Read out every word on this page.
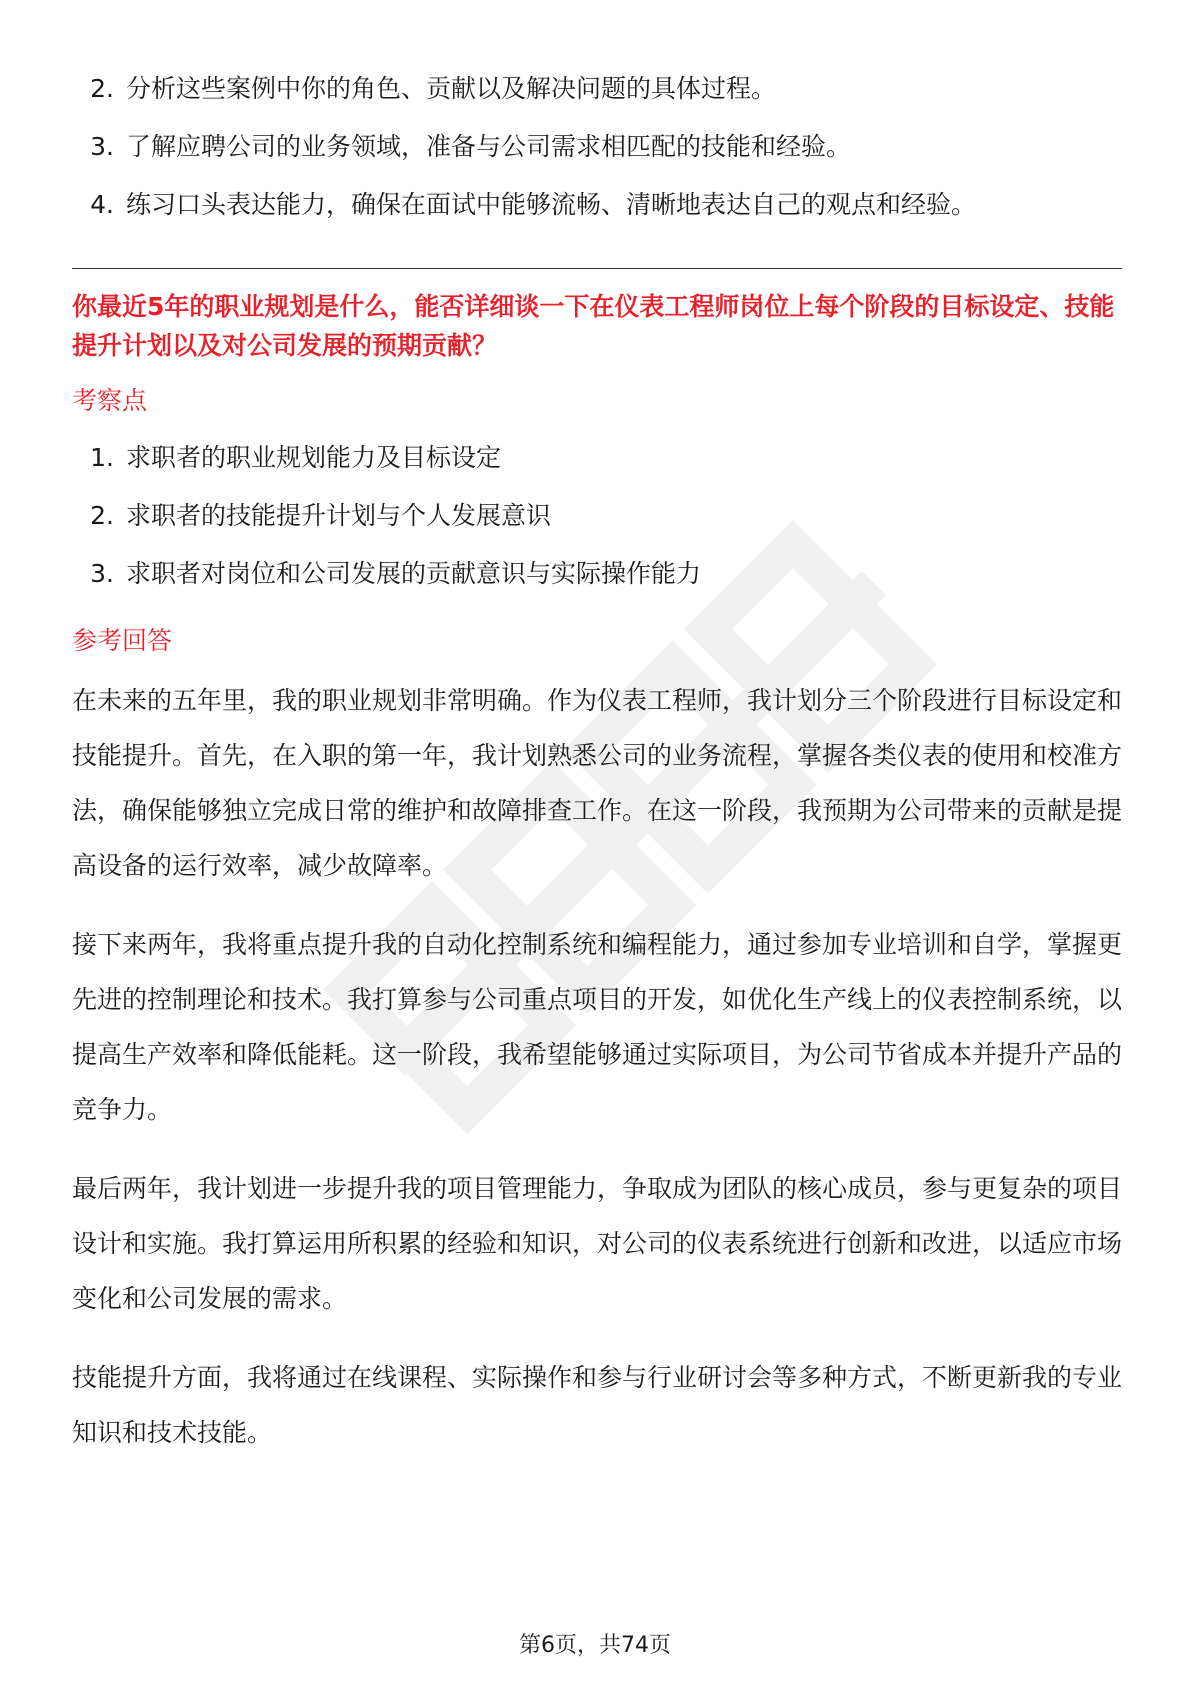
2. 分析这些案例中你的角色、贡献以及解决问题的具体过程。
3. 了解应聘公司的业务领域，准备与公司需求相匹配的技能和经验。
4. 练习口头表达能力，确保在面试中能够流畅、清晰地表达自己的观点和经验。

你最近5年的职业规划是什么，能否详细谈一下在仪表工程师岗位上每个阶段的目标设定、技能提升计划以及对公司发展的预期贡献？

考察点
1. 求职者的职业规划能力及目标设定
2. 求职者的技能提升计划与个人发展意识
3. 求职者对岗位和公司发展的贡献意识与实际操作能力
参考回答

在未来的五年里，我的职业规划非常明确。作为仪表工程师，我计划分三个阶段进行目标设定和技能提升。首先，在入职的第一年，我计划熟悉公司的业务流程，掌握各类仪表的使用和校准方法，确保能够独立完成日常的维护和故障排查工作。在这一阶段，我预期为公司带来的贡献是提高设备的运行效率，减少故障率。

接下来两年，我将重点提升我的自动化控制系统和编程能力，通过参加专业培训和自学，掌握更先进的控制理论和技术。我打算参与公司重点项目的开发，如优化生产线上的仪表控制系统，以提高生产效率和降低能耗。这一阶段，我希望能够通过实际项目，为公司节省成本并提升产品的竞争力。

最后两年，我计划进一步提升我的项目管理能力，争取成为团队的核心成员，参与更复杂的项目设计和实施。我打算运用所积累的经验和知识，对公司的仪表系统进行创新和改进，以适应市场变化和公司发展的需求。

技能提升方面，我将通过在线课程、实际操作和参与行业研讨会等多种方式，不断更新我的专业知识和技术技能。

第6页，共74页
